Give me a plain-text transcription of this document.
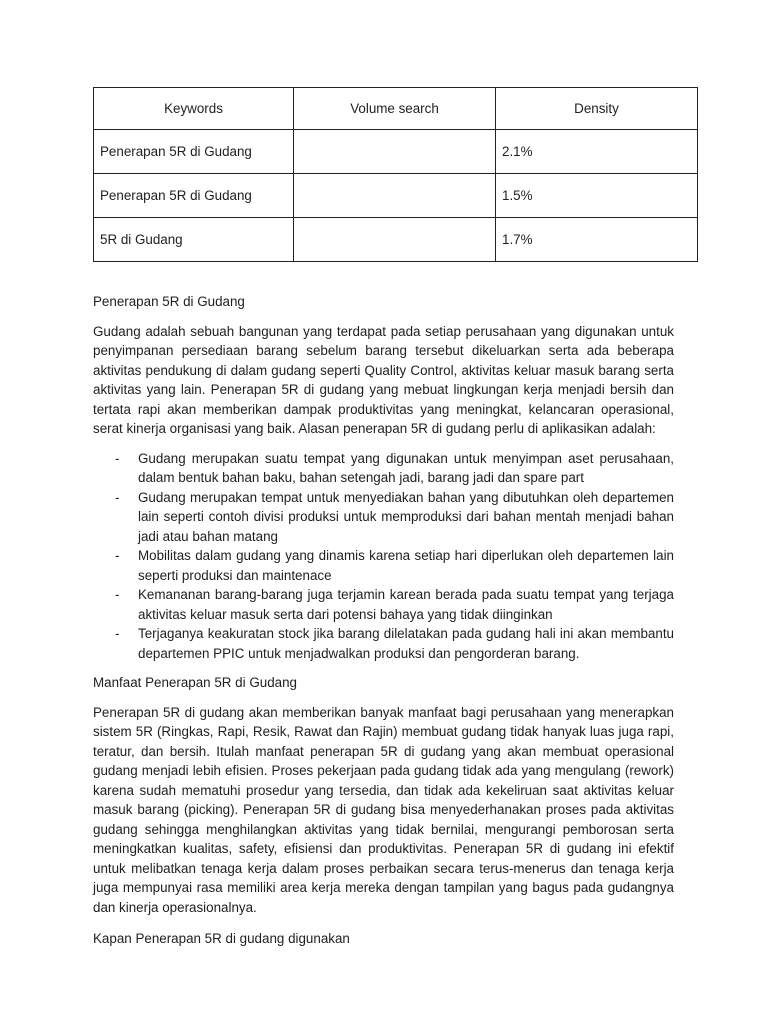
Keywords	Volume search	Density
Penerapan 5R di Gudang		2.1%
Penerapan 5R di Gudang		1.5%
5R di Gudang		1.7%
Penerapan 5R di Gudang

Gudang adalah sebuah bangunan yang terdapat pada setiap perusahaan yang digunakan untuk penyimpanan persediaan barang sebelum barang tersebut dikeluarkan serta ada beberapa aktivitas pendukung di dalam gudang seperti Quality Control, aktivitas keluar masuk barang serta aktivitas yang lain. Penerapan 5R di gudang yang mebuat lingkungan kerja menjadi bersih dan tertata rapi akan memberikan dampak produktivitas yang meningkat, kelancaran operasional, serat kinerja organisasi yang baik. Alasan penerapan 5R di gudang perlu di aplikasikan adalah:

- Gudang merupakan suatu tempat yang digunakan untuk menyimpan aset perusahaan, dalam bentuk bahan baku, bahan setengah jadi, barang jadi dan spare part
- Gudang merupakan tempat untuk menyediakan bahan yang dibutuhkan oleh departemen lain seperti contoh divisi produksi untuk memproduksi dari bahan mentah menjadi bahan jadi atau bahan matang
- Mobilitas dalam gudang yang dinamis karena setiap hari diperlukan oleh departemen lain seperti produksi dan maintenace
- Kemananan barang-barang juga terjamin karean berada pada suatu tempat yang terjaga aktivitas keluar masuk serta dari potensi bahaya yang tidak diinginkan
- Terjaganya keakuratan stock jika barang dilelatakan pada gudang hali ini akan membantu departemen PPIC untuk menjadwalkan produksi dan pengorderan barang.
Manfaat Penerapan 5R di Gudang

Penerapan 5R di gudang akan memberikan banyak manfaat bagi perusahaan yang menerapkan sistem 5R (Ringkas, Rapi, Resik, Rawat dan Rajin) membuat gudang tidak hanyak luas juga rapi, teratur, dan bersih. Itulah manfaat penerapan 5R di gudang yang akan membuat operasional gudang menjadi lebih efisien. Proses pekerjaan pada gudang tidak ada yang mengulang (rework) karena sudah mematuhi prosedur yang tersedia, dan tidak ada kekeliruan saat aktivitas keluar masuk barang (picking). Penerapan 5R di gudang bisa menyederhanakan proses pada aktivitas gudang sehingga menghilangkan aktivitas yang tidak bernilai, mengurangi pemborosan serta meningkatkan kualitas, safety, efisiensi dan produktivitas. Penerapan 5R di gudang ini efektif untuk melibatkan tenaga kerja dalam proses perbaikan secara terus-menerus dan tenaga kerja juga mempunyai rasa memiliki area kerja mereka dengan tampilan yang bagus pada gudangnya dan kinerja operasionalnya.

Kapan Penerapan 5R di gudang digunakan
